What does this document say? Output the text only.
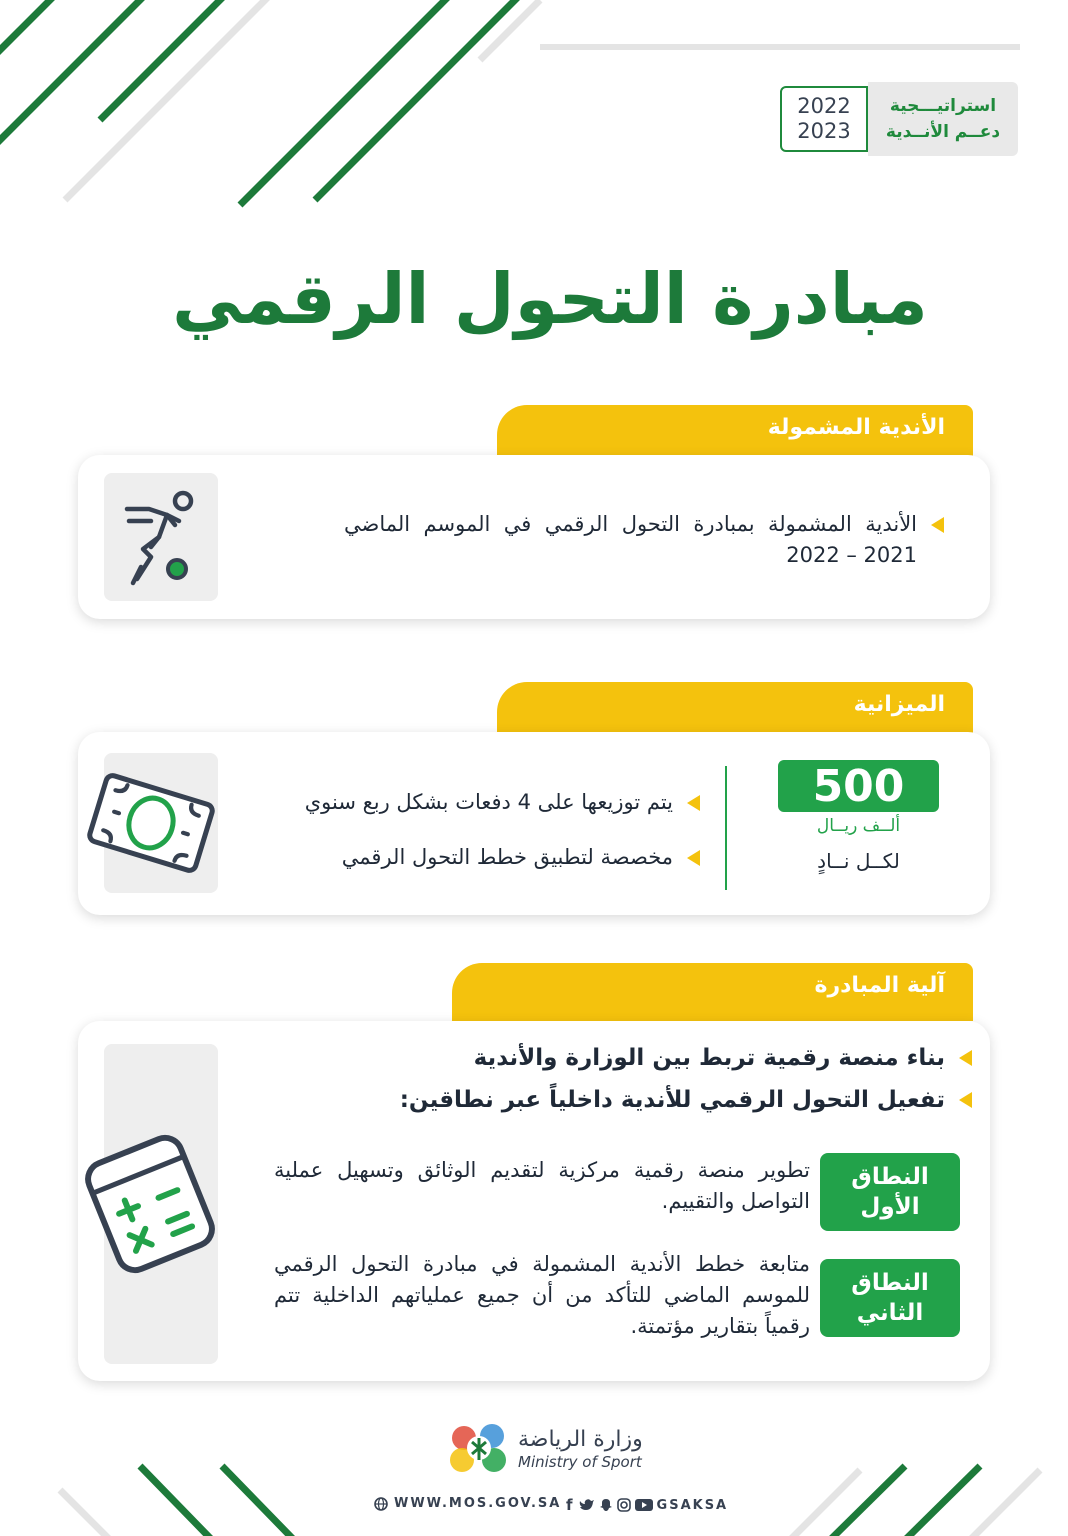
استراتيـــجية
دعــم الأنــدية
2022
2023
مبادرة التحول الرقمي
الأندية المشمولة
الأندية المشمولة بمبادرة التحول الرقمي في الموسم الماضي 2021 – 2022
الميزانية
يتم توزيعها على 4 دفعات بشكل ربع سنوي
مخصصة لتطبيق خطط التحول الرقمي
500
ألــف ريــال
لكــل نــادٍ
آلية المبادرة
بناء منصة رقمية تربط بين الوزارة والأندية
تفعيل التحول الرقمي للأندية داخلياً عبر نطاقين:
النطاق
الأول
تطوير منصة رقمية مركزية لتقديم الوثائق وتسهيل عملية التواصل والتقييم.
النطاق
الثاني
متابعة خطط الأندية المشمولة في مبادرة التحول الرقمي للموسم الماضي للتأكد من أن جميع عملياتهم الداخلية تتم رقمياً بتقارير مؤتمتة.
وزارة الرياضة
Ministry of Sport
WWW.MOS.GOV.SA f	GSAKSA
